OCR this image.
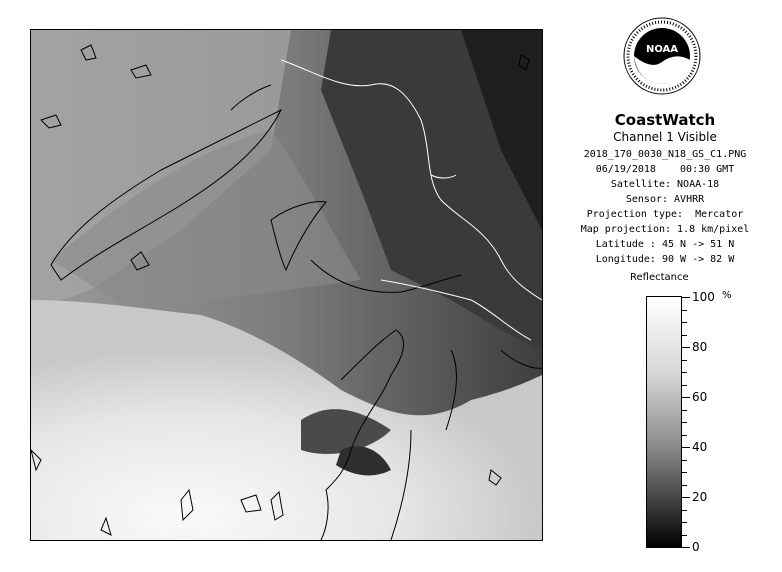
NOAA
CoastWatch
Channel 1 Visible
2018_170_0030_N18_GS_C1.PNG
06/19/2018    00:30 GMT
Satellite: NOAA-18
Sensor: AVHRR
Projection type:  Mercator
Map projection: 1.8 km/pixel
Latitude : 45 N -> 51 N
Longitude: 90 W -> 82 W
Reflectance
%
100
80
60
40
20
0
